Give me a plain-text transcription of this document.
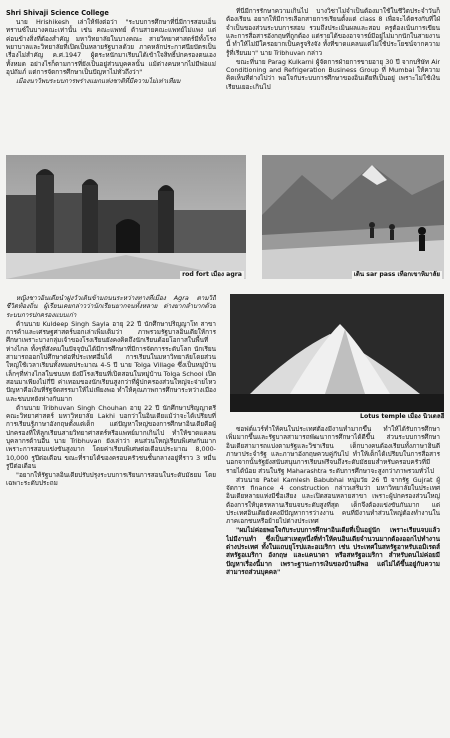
Shri Shivaji Science College

นาย Hrishikesh เล่าให้ฟังต่อว่า "ระบบการศึกษาที่นี่มีการสอบเอ็นทรานซ์ในบางคณะเท่านั้น เช่น คณะแพทย์ ด้านสายคณะแพทย์ไม่แพง แต่ค่อนข้างสิ่งที่ต้องสำคัญ มหาวิทยาลัยในบางคณะ สายวิทยาศาสตร์มีทั้งโรงพยาบาลและวิทยาลัยที่เปิดเป็นหลายรัฐบาลด้วย ภาคหลักประกาศนียบัตรเป็นเรื่องไม่สำคัญ ค.ศ.1947 ผู้ตระหนักมาเรียนได้เข้าใจสิทธิ์ปกครองตนเองทั้งหมด อย่างไรก็ตามการที่ยังเป็นอยู่ส่วนบุคคลนั้น แม้ต่างคนหากไม่มีพ่อแม่อุปถัมภ์ แต่การจัดการศึกษาเป็นปัญหาไม่ทั่วถึงว่า"

เมืองนาวิพบระบบการพร่างแยกแห่งชาติที่มีความไม่เท่าเทียม

ที่นี่มีการรักษาความเกินไป บางวิชาไม่จำเป็นต้องมาใช้ในชีวิตประจำวันก็ต้องเรียน อยากให้มีการเลือกสายการเรียนตั้งแต่ class 8 เพื่อจะได้ตรงกับที่ใฝ่จำเป็นของส่วนระบบการสอบ รวมถึงประเมินผลและสอบ ครูต้องเน้นการเขียนและการสื่อสารอังกฤษที่ถูกต้อง แต่รายได้ของอาจารย์มีอยู่ไม่มากนักในสายงานนี้ ทำให้ไม่มีใครอยากเป็นครูจริงจัง ทั้งที่ขาดแคลนแต่ไม่ใช้ประโยชน์จากความรู้ที่เรียนมา" นาย Tribhuvan กล่าว

ขณะที่นาย Parag Kulkarni ผู้จัดการฝ่ายการขายอายุ 30 ปี จากบริษัท Air Conditioning and Refrigeration Business Group ที่ Mumbai ให้ความคิดเห็นที่ต่างไปว่า พอใจกับระบบการศึกษาของอินเดียที่เป็นอยู่ เพราะไม่ใช้เงินเรียนเยอะเกินไป

rod fort เมือง agra	เดิน sar pass เทือกเขาหิมาลัย

หญิงชาวอินเดียนำฝูงวัวเดินข้ามถนนระหว่างทางที่เมือง Agra ตามวิถีชีวิตท้องถิ่น ผู้เรียนเคยกล่าวว่านักเรียนยากจนทั้งหลาย ต่างยากลำบากด้วยระบบการปกครองแบบเก่า

ด้านนาย Kuldeep Singh Sayla อายุ 22 ปี นักศึกษาปริญญาโท สาขาการค้าและเศรษฐศาสตร์บอกเล่าเพิ่มเติมว่า ภาพรวมรัฐบาลอินเดียให้การศึกษาเพราะบางกลุ่มเจ้าของโรงเรียนยังคงคิดถึงนักเรียนด้อยโอกาสในพื้นที่ห่างไกล ทั้งๆที่สังคมในปัจจุบันได้มีการศึกษาที่มีการจัดการระดับโลก นักเรียนสามารถออกไปศึกษาต่อที่ประเทศอื่นได้ การเรียนในมหาวิทยาลัยโดยส่วนใหญ่ใช้เวลาเรียนทั้งหมดประมาณ 4-5 ปี นาย Tolga Village ซึ่งเป็นหมู่บ้านเล็กๆที่ห่างไกลในชนบท ยังมีโรงเรียนที่เปิดสอนในหมู่บ้าน Tolga School เปิดสอนมาเพียงไม่กี่ปี ค่าเทอมของนักเรียนสูงกว่าที่ผู้ปกครองส่วนใหญ่จะจ่ายไหว ปัญหาคือเงินที่รัฐจัดสรรมาให้ไม่เพียงพอ ทำให้คุณภาพการศึกษาระหว่างเมืองและชนบทยังห่างกันมาก

ด้านนาย Tribhuvan Singh Chouhan อายุ 22 ปี นักศึกษาปริญญาตรี คณะวิทยาศาสตร์ มหาวิทยาลัย Lakhi บอกว่าในอินเดียแม้ว่าจะได้เปรียบที่การเรียนรู้ภาษาอังกฤษตั้งแต่เด็ก แต่ปัญหาใหญ่ของการศึกษาอินเดียคือผู้ปกครองที่ให้ลูกเรียนสายวิทยาศาสตร์หรือแพทย์มากเกินไป ทำให้ขาดแคลนบุคลากรด้านอื่น นาย Tribhuvan ยังเล่าว่า คนส่วนใหญ่เรียนพิเศษกันมาก เพราะการสอบแข่งขันสูงมาก โดยค่าเรียนพิเศษต่อเดือนประมาณ 8,000-10,000 รูปีต่อเดือน ขณะที่รายได้ของครอบครัวชนชั้นกลางอยู่ที่ราว 3 หมื่นรูปีต่อเดือน

"อยากให้รัฐบาลอินเดียปรับปรุงระบบการเรียนการสอนในระดับมัธยม โดยเฉพาะระดับประถม

Lotus temple เมือง นิวเดลฮี

ซอฟต์แวร์ทำให้คนในประเทศต้องมีงานทำมากขึ้น ทำให้ได้รับการศึกษาเพิ่มมากขึ้นและรัฐบาลสามารถพัฒนาการศึกษาได้ดีขึ้น ส่วนระบบการศึกษาอินเดียสามารถแบ่งตามรัฐและวิชาเรียน เด็กบางคนต้องเรียนทั้งภาษาฮินดี ภาษาประจำรัฐ และภาษาอังกฤษควบคู่กันไป ทำให้เด็กได้เปรียบในการสื่อสาร นอกจากนั้นรัฐยังสนับสนุนการเรียนฟรีจนถึงระดับมัธยมสำหรับครอบครัวที่มีรายได้น้อย ส่วนในรัฐ Maharashtra ระดับการศึกษาจะสูงกว่าภาพรวมทั่วไป

ส่วนนาย Patel Kamlesh Babubhai หนุ่มวัย 26 ปี จากรัฐ Gujrat ผู้จัดการ finance 4 construction กล่าวเสริมว่า มหาวิทยาลัยในประเทศอินเดียหลายแห่งมีชื่อเสียง และเปิดสอนหลายสาขา เพราะผู้ปกครองส่วนใหญ่ต้องการให้บุตรหลานเรียนจบระดับสูงที่สุด เด็กจึงต้องแข่งขันกันมาก แต่ประเทศอินเดียยังคงมีปัญหาการว่างงาน คนที่มีงานทำส่วนใหญ่ต้องทำงานในภาคเอกชนหรือย้ายไปต่างประเทศ

"ผมไม่ค่อยพอใจกับระบบการศึกษาอินเดียที่เป็นอยู่นัก เพราะเรียนจบแล้วไม่มีงานทำ ซึ่งเป็นสาเหตุหนึ่งที่ทำให้คนอินเดียจำนวนมากต้องออกไปทำงานต่างประเทศ ทั้งในแถบยุโรปและอเมริกา เช่น ประเทศในสหรัฐอาหรับเอมิเรตส์ สหรัฐอเมริกา อังกฤษ และแคนาดา หรือสหรัฐอเมริกา สำหรับตนไม่ค่อยมีปัญหาเรื่องนี้มาก เพราะฐานะการเงินของบ้านดีพอ แต่ไม่ได้ขึ้นอยู่กับความสามารถส่วนบุคคล"
